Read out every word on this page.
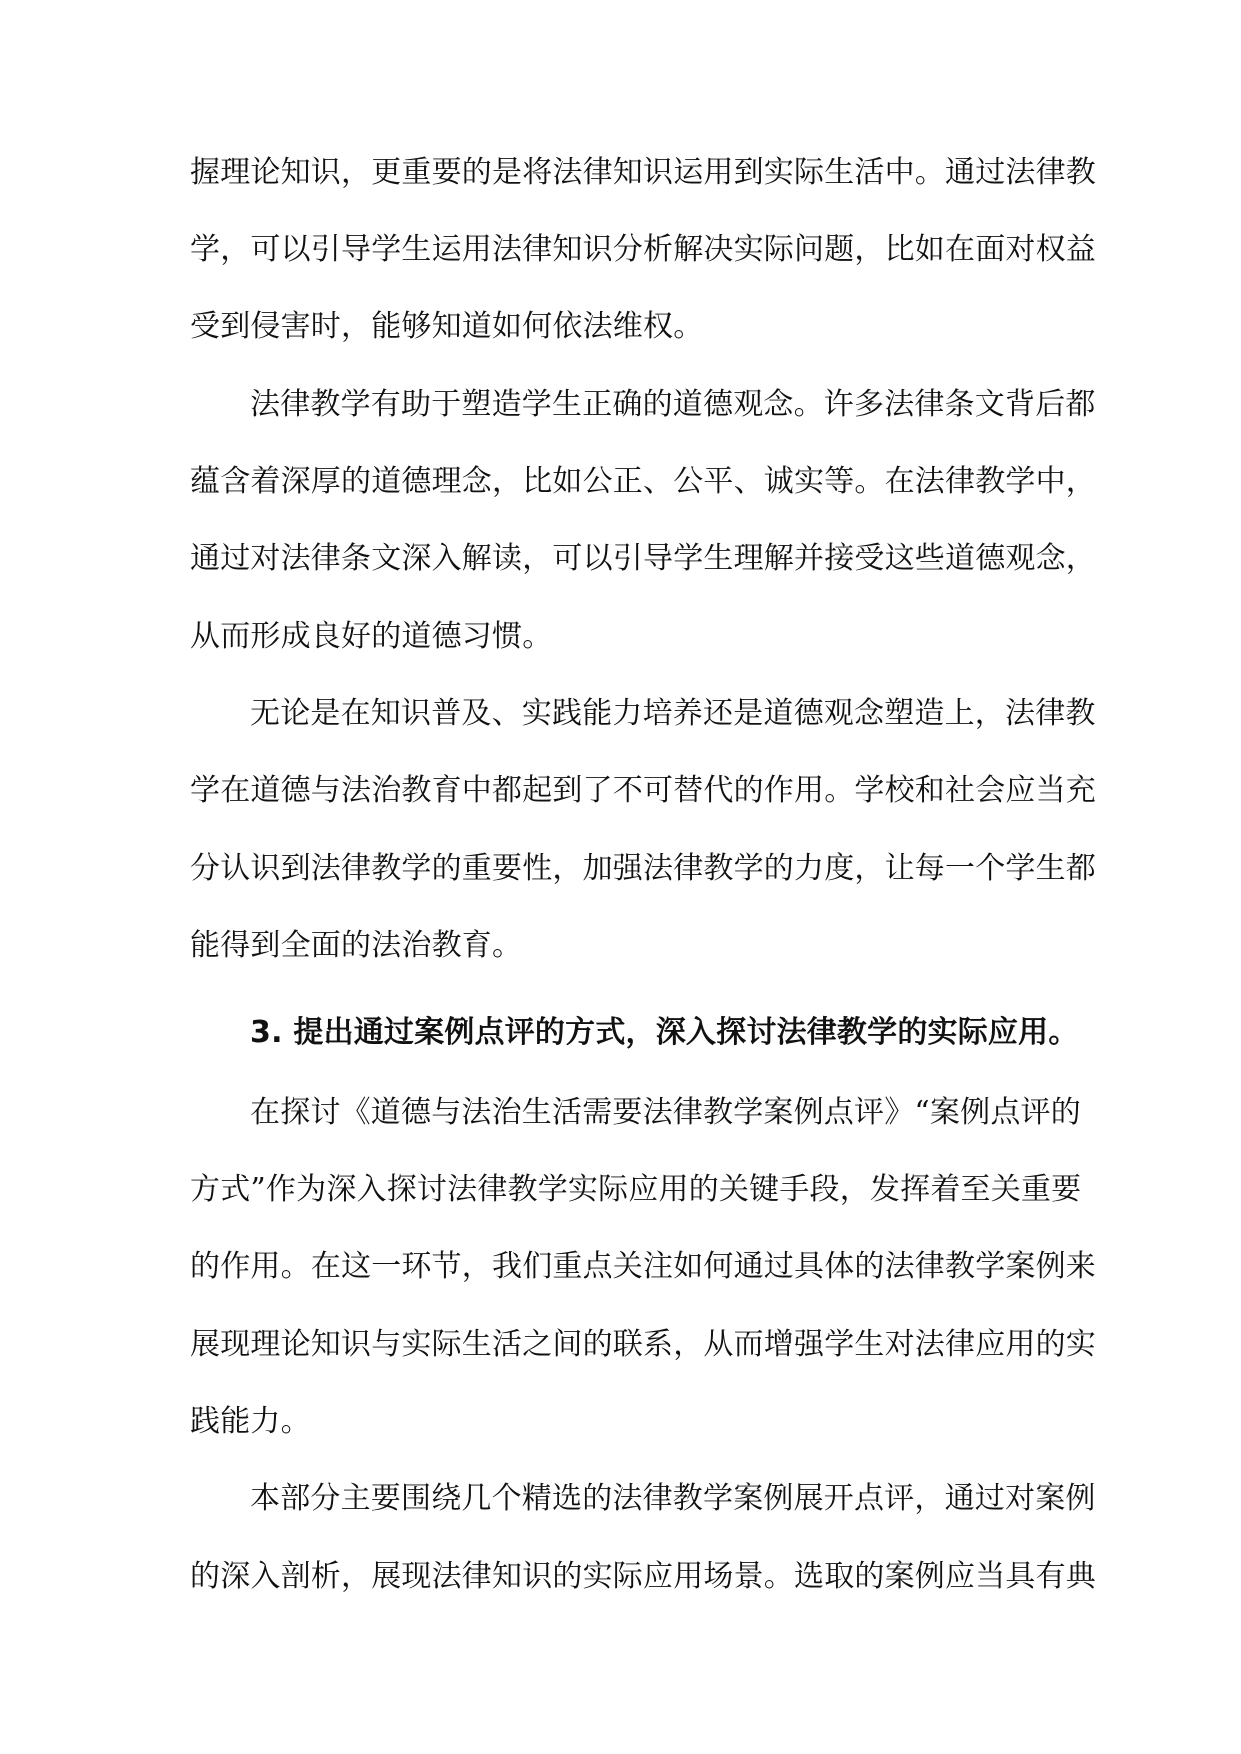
握理论知识，更重要的是将法律知识运用到实际生活中。通过法律教
学，可以引导学生运用法律知识分析解决实际问题，比如在面对权益
受到侵害时，能够知道如何依法维权。
法律教学有助于塑造学生正确的道德观念。许多法律条文背后都
蕴含着深厚的道德理念，比如公正、公平、诚实等。在法律教学中，
通过对法律条文深入解读，可以引导学生理解并接受这些道德观念，
从而形成良好的道德习惯。
无论是在知识普及、实践能力培养还是道德观念塑造上，法律教
学在道德与法治教育中都起到了不可替代的作用。学校和社会应当充
分认识到法律教学的重要性，加强法律教学的力度，让每一个学生都
能得到全面的法治教育。
3. 提出通过案例点评的方式，深入探讨法律教学的实际应用。
在探讨《道德与法治生活需要法律教学案例点评》“案例点评的
方式”作为深入探讨法律教学实际应用的关键手段，发挥着至关重要
的作用。在这一环节，我们重点关注如何通过具体的法律教学案例来
展现理论知识与实际生活之间的联系，从而增强学生对法律应用的实
践能力。
本部分主要围绕几个精选的法律教学案例展开点评，通过对案例
的深入剖析，展现法律知识的实际应用场景。选取的案例应当具有典
